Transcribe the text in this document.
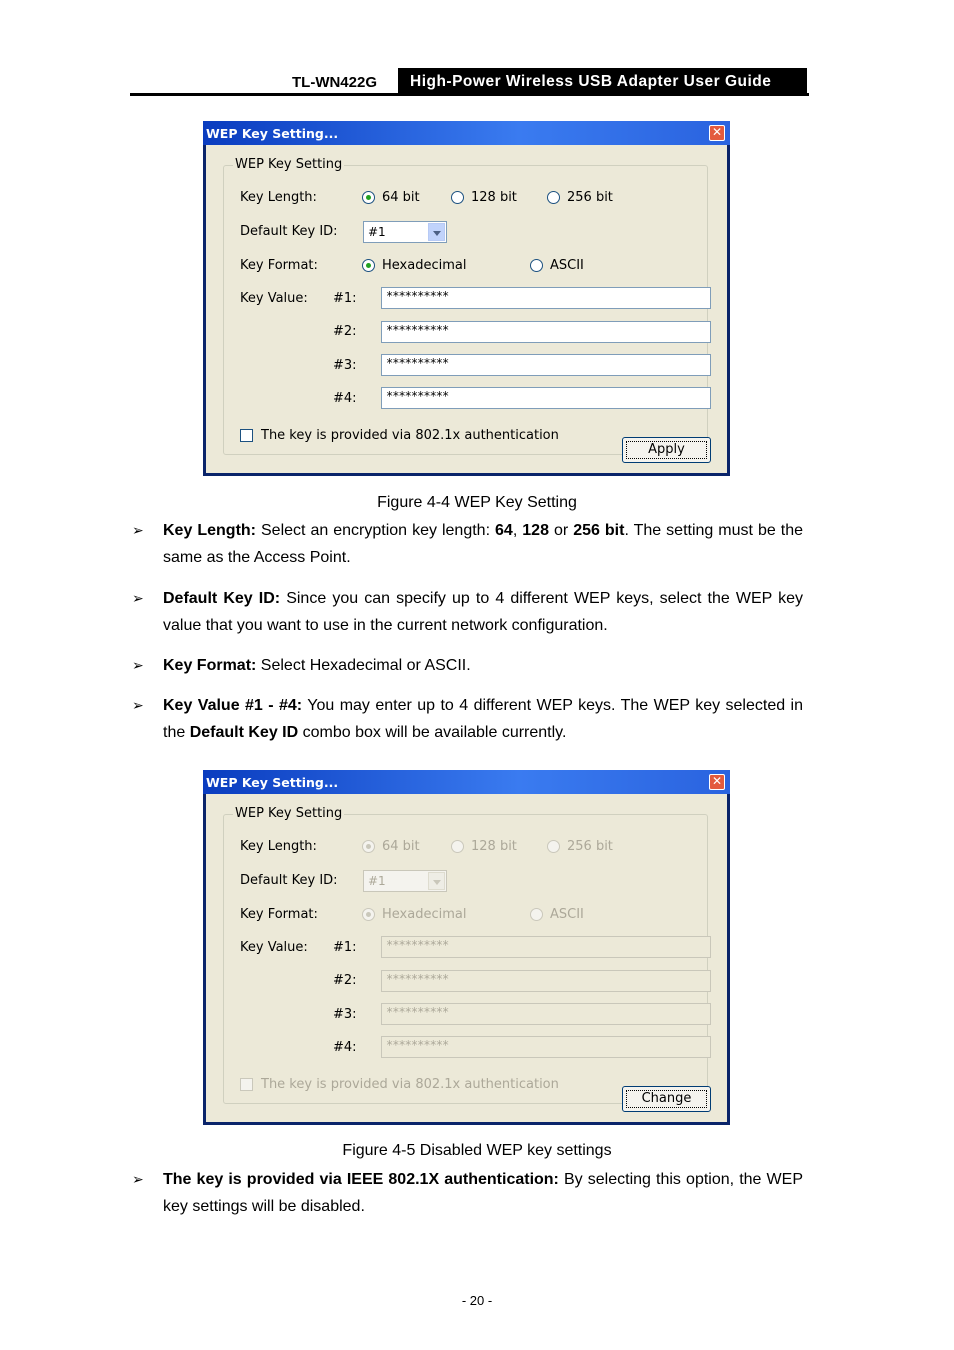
TL-WN422G	High-Power Wireless USB Adapter User Guide
WEP Key Setting...	✕
WEP Key Setting
Key Length:	64 bit	128 bit	256 bit
Default Key ID:	#1
Key Format:	Hexadecimal	ASCII
Key Value: #1: **********
#2: **********
#3: **********
#4: **********
The key is provided via 802.1x authentication
Apply
Figure 4-4 WEP Key Setting
➢ Key Length: Select an encryption key length: 64, 128 or 256 bit. The setting must be the same as the Access Point.
➢ Default Key ID: Since you can specify up to 4 different WEP keys, select the WEP key value that you want to use in the current network configuration.
➢ Key Format: Select Hexadecimal or ASCII.
➢ Key Value #1 - #4: You may enter up to 4 different WEP keys. The WEP key selected in the Default Key ID combo box will be available currently.
WEP Key Setting...	✕
WEP Key Setting
Key Length:	64 bit	128 bit	256 bit
Default Key ID:	#1
Key Format:	Hexadecimal	ASCII
Key Value: #1: **********
#2: **********
#3: **********
#4: **********
The key is provided via 802.1x authentication
Change
Figure 4-5 Disabled WEP key settings
➢ The key is provided via IEEE 802.1X authentication: By selecting this option, the WEP key settings will be disabled.
- 20 -
